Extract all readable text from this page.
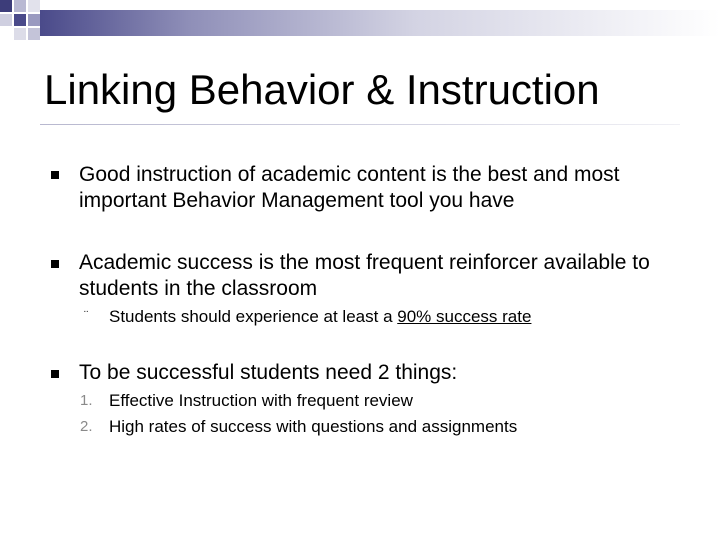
Linking Behavior & Instruction
Good instruction of academic content is the best and most important Behavior Management tool you have
Academic success is the most frequent reinforcer available to students in the classroom
¨ Students should experience at least a 90% success rate
To be successful students need 2 things:
1. Effective Instruction with frequent review
2. High rates of success with questions and assignments
